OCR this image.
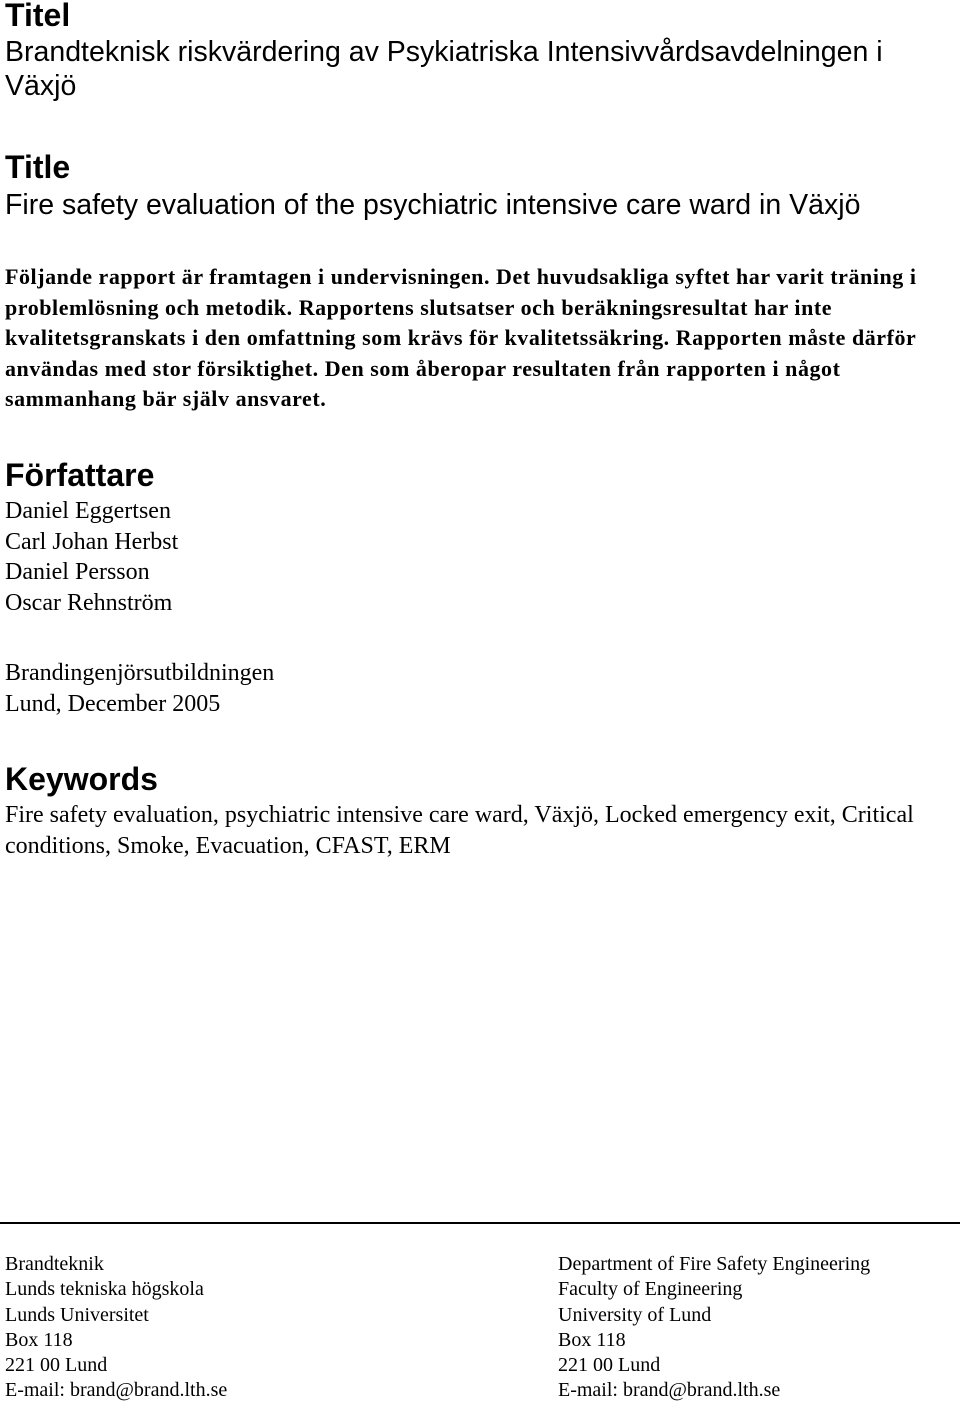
Titel

Brandteknisk riskvärdering av Psykiatriska Intensivvårdsavdelningen i Växjö

Title

Fire safety evaluation of the psychiatric intensive care ward in Växjö

Följande rapport är framtagen i undervisningen. Det huvudsakliga syftet har varit träning i problemlösning och metodik. Rapportens slutsatser och beräkningsresultat har inte kvalitetsgranskats i den omfattning som krävs för kvalitetssäkring. Rapporten måste därför användas med stor försiktighet. Den som åberopar resultaten från rapporten i något sammanhang bär själv ansvaret.

Författare
Daniel Eggertsen
Carl Johan Herbst
Daniel Persson
Oscar Rehnström
Brandingenjörsutbildningen
Lund, December 2005
Keywords

Fire safety evaluation, psychiatric intensive care ward, Växjö, Locked emergency exit, Critical conditions, Smoke, Evacuation, CFAST, ERM

Brandteknik
Lunds tekniska högskola
Lunds Universitet
Box 118
221 00 Lund
E-mail: brand@brand.lth.se
Department of Fire Safety Engineering
Faculty of Engineering
University of Lund
Box 118
221 00 Lund
E-mail: brand@brand.lth.se
